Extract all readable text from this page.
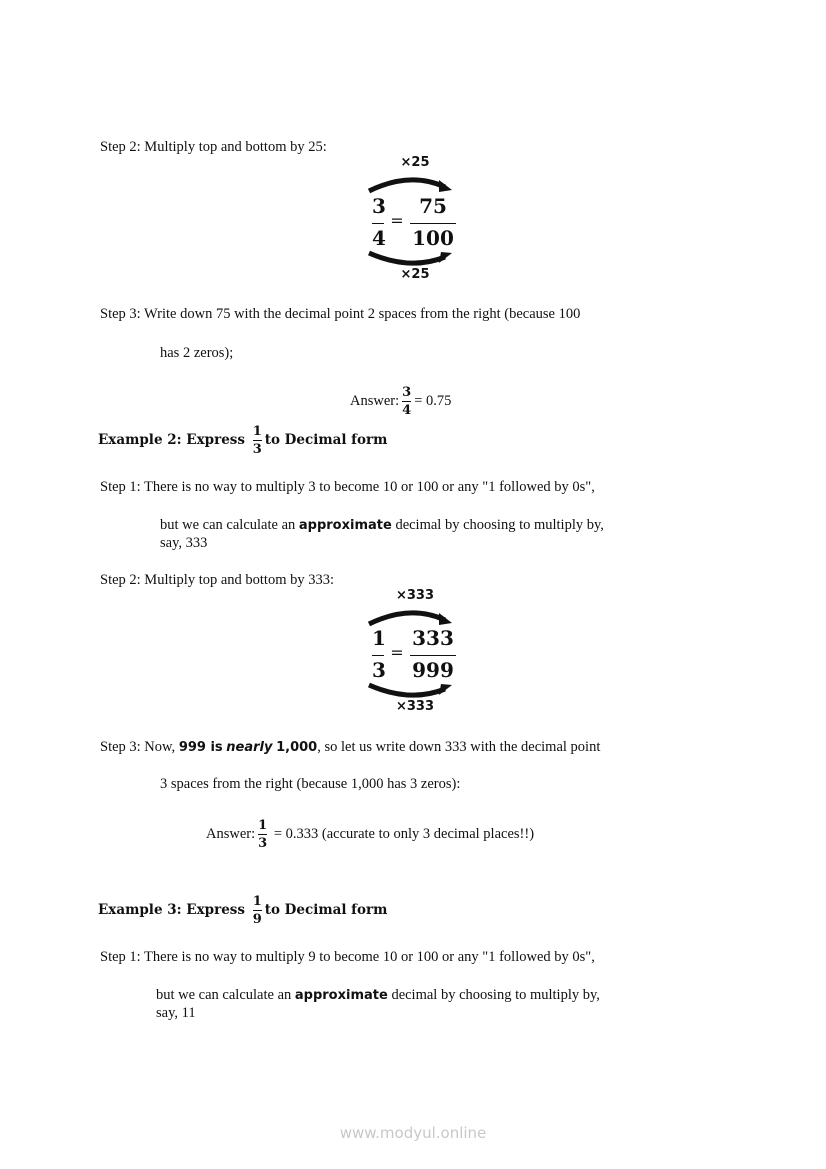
Step 2: Multiply top and bottom by 25:
×25
3
4
=
75
100
×25
Step 3: Write down 75 with the decimal point 2 spaces from the right (because 100
has 2 zeros);
Answer: $\frac{3}{4} = 0.75$
Example 2: Express $\frac{1}{3}$ to Decimal form
Step 1: There is no way to multiply 3 to become 10 or 100 or any "1 followed by 0s",
but we can calculate an approximate decimal by choosing to multiply by,
say, 333
Step 2: Multiply top and bottom by 333:
×333
1
3
=
333
999
×333
Step 3: Now, 999 is nearly 1,000, so let us write down 333 with the decimal point
3 spaces from the right (because 1,000 has 3 zeros):
Answer: $\frac{1}{3} = 0.333$ (accurate to only 3 decimal places!!)
Example 3: Express $\frac{1}{9}$ to Decimal form
Step 1: There is no way to multiply 9 to become 10 or 100 or any "1 followed by 0s",
but we can calculate an approximate decimal by choosing to multiply by,
say, 11
www.modyul.online
